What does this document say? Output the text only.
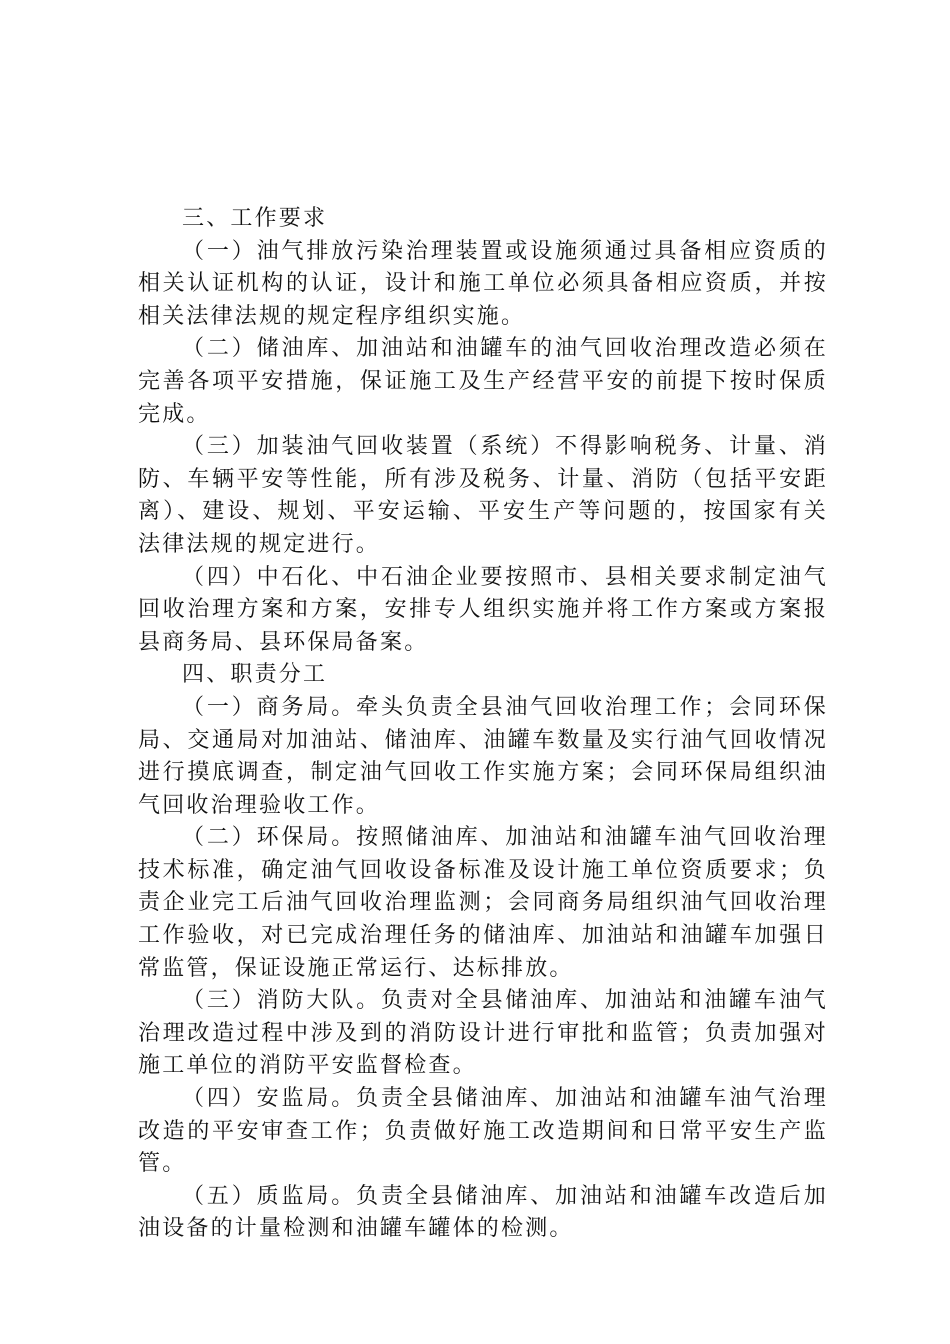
三、工作要求

（一）油气排放污染治理装置或设施须通过具备相应资质的相关认证机构的认证，设计和施工单位必须具备相应资质，并按相关法律法规的规定程序组织实施。

（二）储油库、加油站和油罐车的油气回收治理改造必须在完善各项平安措施，保证施工及生产经营平安的前提下按时保质完成。

（三）加装油气回收装置（系统）不得影响税务、计量、消防、车辆平安等性能，所有涉及税务、计量、消防（包括平安距离）、建设、规划、平安运输、平安生产等问题的，按国家有关法律法规的规定进行。

（四）中石化、中石油企业要按照市、县相关要求制定油气回收治理方案和方案，安排专人组织实施并将工作方案或方案报县商务局、县环保局备案。

四、职责分工

（一）商务局。牵头负责全县油气回收治理工作；会同环保局、交通局对加油站、储油库、油罐车数量及实行油气回收情况进行摸底调查，制定油气回收工作实施方案；会同环保局组织油气回收治理验收工作。

（二）环保局。按照储油库、加油站和油罐车油气回收治理技术标准，确定油气回收设备标准及设计施工单位资质要求；负责企业完工后油气回收治理监测；会同商务局组织油气回收治理工作验收，对已完成治理任务的储油库、加油站和油罐车加强日常监管，保证设施正常运行、达标排放。

（三）消防大队。负责对全县储油库、加油站和油罐车油气治理改造过程中涉及到的消防设计进行审批和监管；负责加强对施工单位的消防平安监督检查。

（四）安监局。负责全县储油库、加油站和油罐车油气治理改造的平安审查工作；负责做好施工改造期间和日常平安生产监管。

（五）质监局。负责全县储油库、加油站和油罐车改造后加油设备的计量检测和油罐车罐体的检测。
